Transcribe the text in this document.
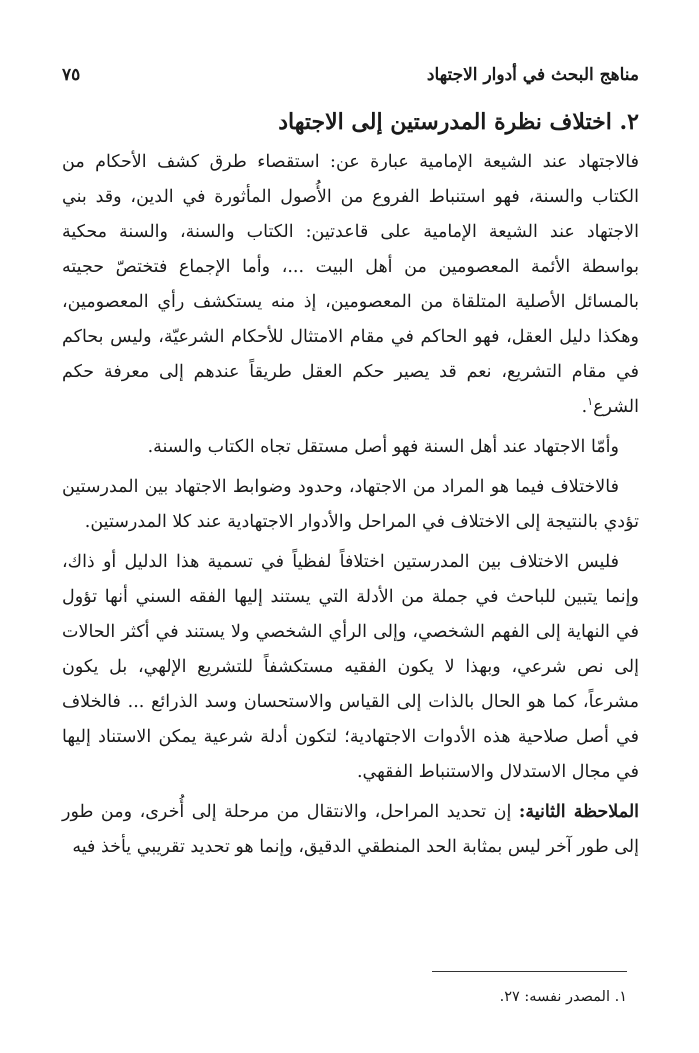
مناهج البحث في أدوار الاجتهاد
٧٥
٢. اختلاف نظرة المدرستين إلى الاجتهاد

فالاجتهاد عند الشيعة الإمامية عبارة عن: استقصاء طرق كشف الأحكام من الكتاب والسنة، فهو استنباط الفروع من الأُصول المأثورة في الدين، وقد بني الاجتهاد عند الشيعة الإمامية على قاعدتين: الكتاب والسنة، والسنة محكية بواسطة الأئمة المعصومين من أهل البيت ...، وأما الإجماع فتختصّ حجيته بالمسائل الأصلية المتلقاة من المعصومين، إذ منه يستكشف رأي المعصومين، وهكذا دليل العقل، فهو الحاكم في مقام الامتثال للأحكام الشرعيّة، وليس بحاكم في مقام التشريع، نعم قد يصير حكم العقل طريقاً عندهم إلى معرفة حكم الشرع$^١$.

وأمّا الاجتهاد عند أهل السنة فهو أصل مستقل تجاه الكتاب والسنة.

فالاختلاف فيما هو المراد من الاجتهاد، وحدود وضوابط الاجتهاد بين المدرستين تؤدي بالنتيجة إلى الاختلاف في المراحل والأدوار الاجتهادية عند كلا المدرستين.

فليس الاختلاف بين المدرستين اختلافاً لفظياً في تسمية هذا الدليل أو ذاك، وإنما يتبين للباحث في جملة من الأدلة التي يستند إليها الفقه السني أنها تؤول في النهاية إلى الفهم الشخصي، وإلى الرأي الشخصي ولا يستند في أكثر الحالات إلى نص شرعي، وبهذا لا يكون الفقيه مستكشفاً للتشريع الإلهي، بل يكون مشرعاً، كما هو الحال بالذات إلى القياس والاستحسان وسد الذرائع ... فالخلاف في أصل صلاحية هذه الأدوات الاجتهادية؛ لتكون أدلة شرعية يمكن الاستناد إليها في مجال الاستدلال والاستنباط الفقهي.

الملاحظة الثانية: إن تحديد المراحل، والانتقال من مرحلة إلى أُخرى، ومن طور إلى طور آخر ليس بمثابة الحد المنطقي الدقيق، وإنما هو تحديد تقريبي يأخذ فيه

١. المصدر نفسه: ٢٧.
